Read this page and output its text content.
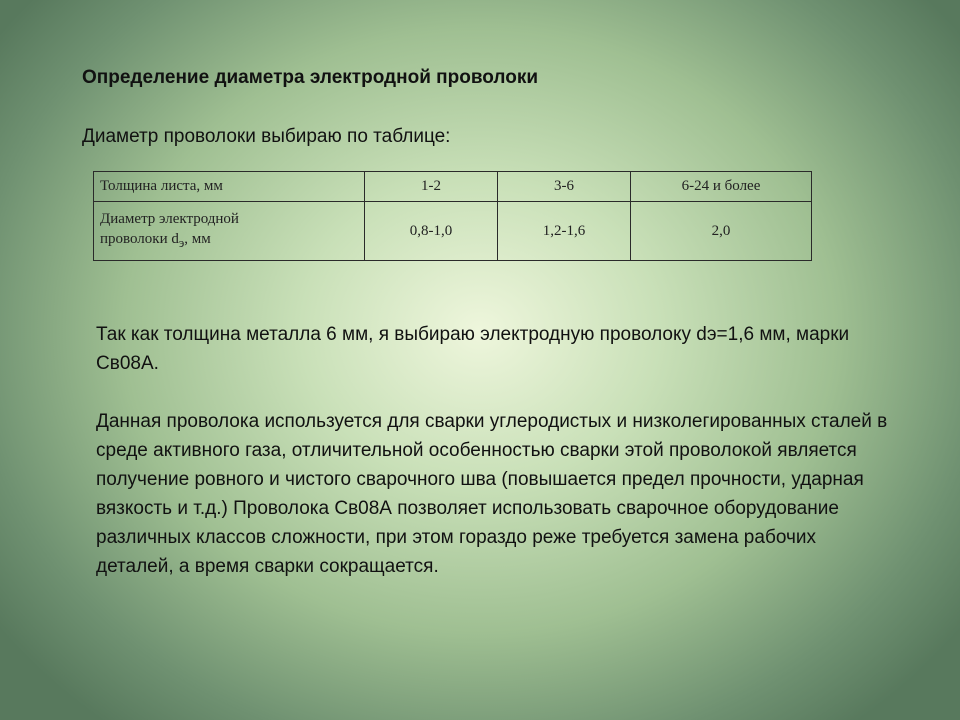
Определение диаметра электродной проволоки

Диаметр проволоки выбираю по таблице:

Толщина листа, мм	1-2	3-6	6-24 и более

Диаметр электродной
проволоки $d_э$, мм	0,8-1,0	1,2-1,6	2,0

Так как толщина металла 6 мм, я выбираю электродную проволоку dэ=1,6 мм, марки Св08А.

Данная проволока используется для сварки углеродистых и низколегированных сталей в среде активного газа, отличительной особенностью сварки этой проволокой является получение ровного и чистого сварочного шва (повышается предел прочности, ударная вязкость и т.д.) Проволока Св08А позволяет использовать сварочное оборудование различных классов сложности, при этом гораздо реже требуется замена рабочих деталей, а время сварки сокращается.
